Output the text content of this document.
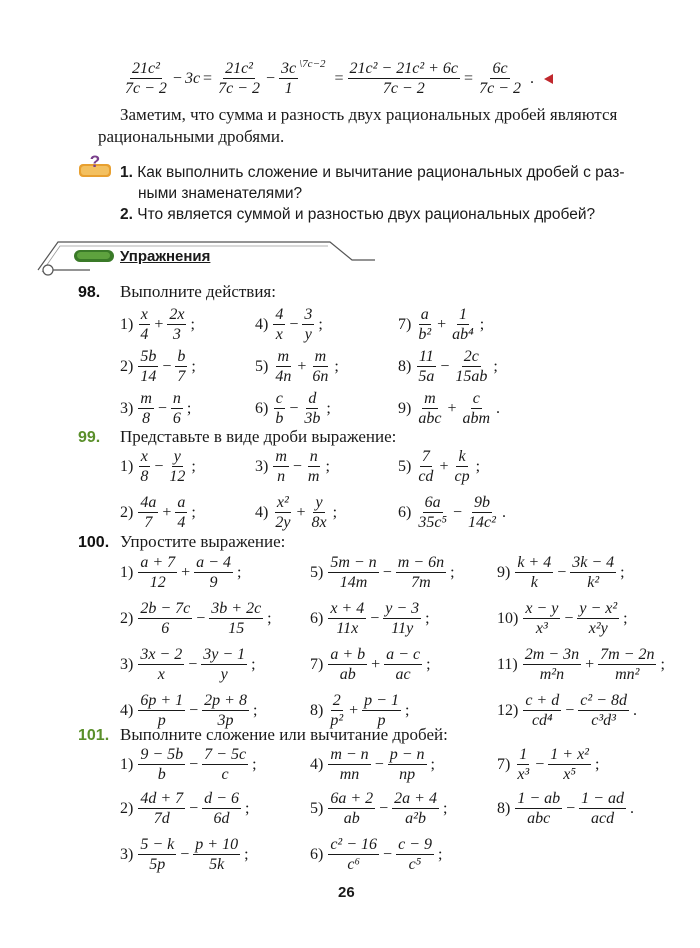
$\frac{\text{21c²}}{7c - 2} - 3c = \frac{\text{21c²}}{7c - 2} - \frac{3c}{1}$ \7c−2
= $\frac{\text{21c² − 21c² + 6c}}{7c - 2} = \frac{6c}{7c - 2}$ .
Заметим, что сумма и разность двух рациональных дробей являются
рациональными дробями.
?
1. Как выполнить сложение и вычитание рациональных дробей с раз-
ными знаменателями?
2. Что является суммой и разностью двух рациональных дробей?
Упражнения
98. Выполните действия:
$1) \frac{x}{4} + \frac{2x}{3}$ ;	$4) \frac{4}{x} - \frac{3}{y}$ ;	$7) \frac{a}{\text{b²}} + \frac{1}{\text{ab⁴}}$ ;
$2) \frac{5b}{14} - \frac{b}{7}$ ;	$5) \frac{m}{4n} + \frac{m}{6n}$ ;	$8) \frac{11}{5a} - \frac{2c}{15ab}$ ;
$3) \frac{m}{8} - \frac{n}{6}$ ;	$6) \frac{c}{b} - \frac{d}{3b}$ ;	$9) \frac{m}{\text{abc}} + \frac{c}{\text{abm}}$ .
$1) \frac{x}{8} - \frac{y}{12}$ ;	$3) \frac{m}{n} - \frac{n}{m}$ ;	$5) \frac{7}{cd} + \frac{k}{cp}$ ;
$2) \frac{4a}{7} + \frac{a}{4}$ ;	$4) \frac{\text{x²}}{2y} + \frac{y}{8x}$ ;	$6) \frac{6a}{\text{35c⁵}} - \frac{9b}{\text{14c²}}$ .
$1) \frac{a + 7}{12} + \frac{a - 4}{9}$ ;	$5) \frac{5m - n}{14m} - \frac{m - 6n}{7m}$ ;	$9) \frac{k + 4}{k} - \frac{3k - 4}{\text{k²}}$ ;
$2) \frac{2b - 7c}{6} - \frac{3b + 2c}{15}$ ; $6) \frac{x + 4}{11x} - \frac{y - 3}{11y}$ ;	$10) \frac{x - y}{\text{x³}} - \frac{\text{y − x²}}{\text{x²y}}$ ;
$3) \frac{3x - 2}{x} - \frac{3y - 1}{y}$ ;	$7) \frac{a + b}{ab} + \frac{a - c}{ac}$ ;	$11) \frac{2m - 3n}{\text{m²n}} + \frac{7m - 2n}{\text{mn²}}$ ;
$4) \frac{6p + 1}{p} - \frac{2p + 8}{3p}$ ;	$8) \frac{2}{\text{p²}} + \frac{p - 1}{p}$ ;	$12) \frac{c + d}{\text{cd⁴}} - \frac{\text{c² − 8d}}{\text{c³d³}}$ .
$1) \frac{9 - 5b}{b} - \frac{7 - 5c}{c}$ ;	$4) \frac{m - n}{mn} - \frac{p - n}{np}$ ;	$7) \frac{1}{\text{x³}} - \frac{\text{1 + x²}}{\text{x⁵}}$ ;
$2) \frac{4d + 7}{7d} - \frac{d - 6}{6d}$ ;	$5) \frac{6a + 2}{ab} - \frac{2a + 4}{\text{a²b}}$ ;	$8) \frac{1 - ab}{\text{abc}} - \frac{1 - ad}{\text{acd}}$ .
$3) \frac{5 - k}{5p} - \frac{p + 10}{5k}$ ;	$6) \frac{\text{c² − 16}}{\text{c⁶}} - \frac{c - 9}{\text{c⁵}}$ ;
99. Представьте в виде дроби выражение:
100. Упростите выражение:
101. Выполните сложение или вычитание дробей:
26
